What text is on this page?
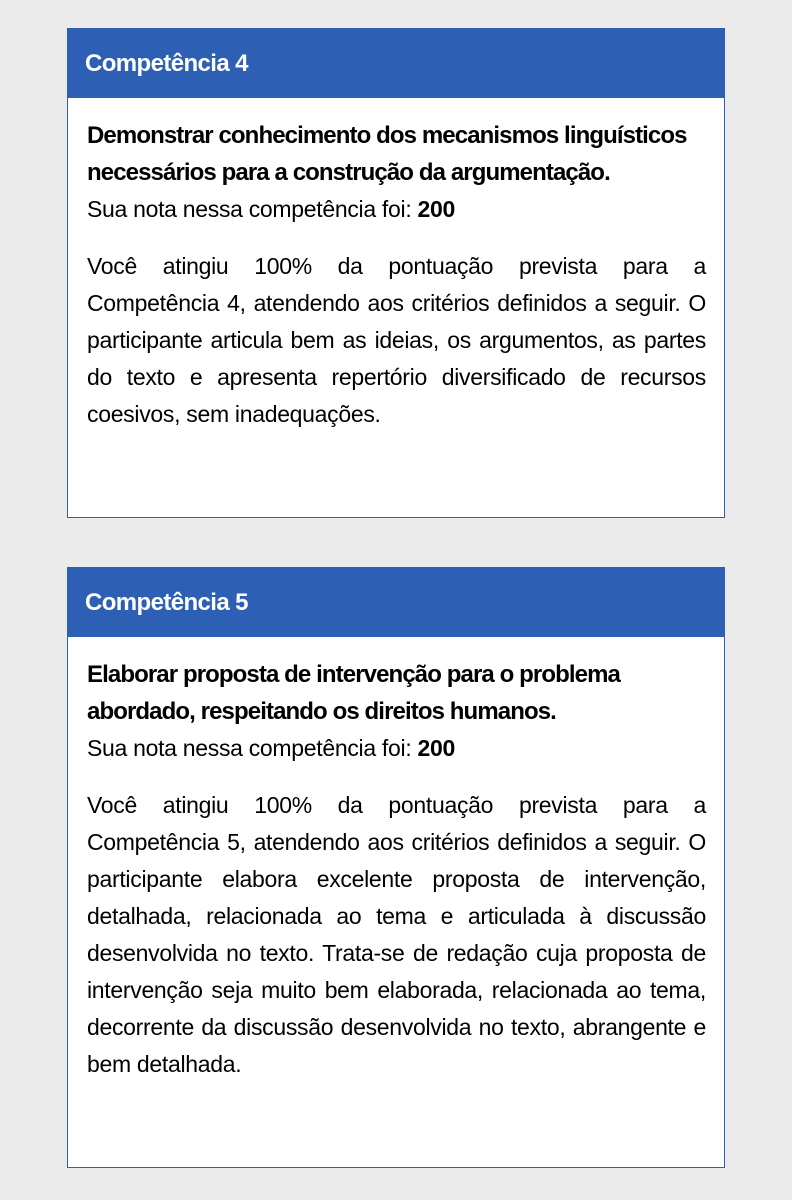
Competência 4

Demonstrar conhecimento dos mecanismos linguísticos necessários para a construção da argumentação.

Sua nota nessa competência foi: 200

Você atingiu 100% da pontuação prevista para a Competência 4, atendendo aos critérios definidos a seguir. O participante articula bem as ideias, os argumentos, as partes do texto e apresenta repertório diversificado de recursos coesivos, sem inadequações.

Competência 5

Elaborar proposta de intervenção para o problema abordado, respeitando os direitos humanos.

Sua nota nessa competência foi: 200

Você atingiu 100% da pontuação prevista para a Competência 5, atendendo aos critérios definidos a seguir. O participante elabora excelente proposta de intervenção, detalhada, relacionada ao tema e articulada à discussão desenvolvida no texto. Trata-se de redação cuja proposta de intervenção seja muito bem elaborada, relacionada ao tema, decorrente da discussão desenvolvida no texto, abrangente e bem detalhada.
